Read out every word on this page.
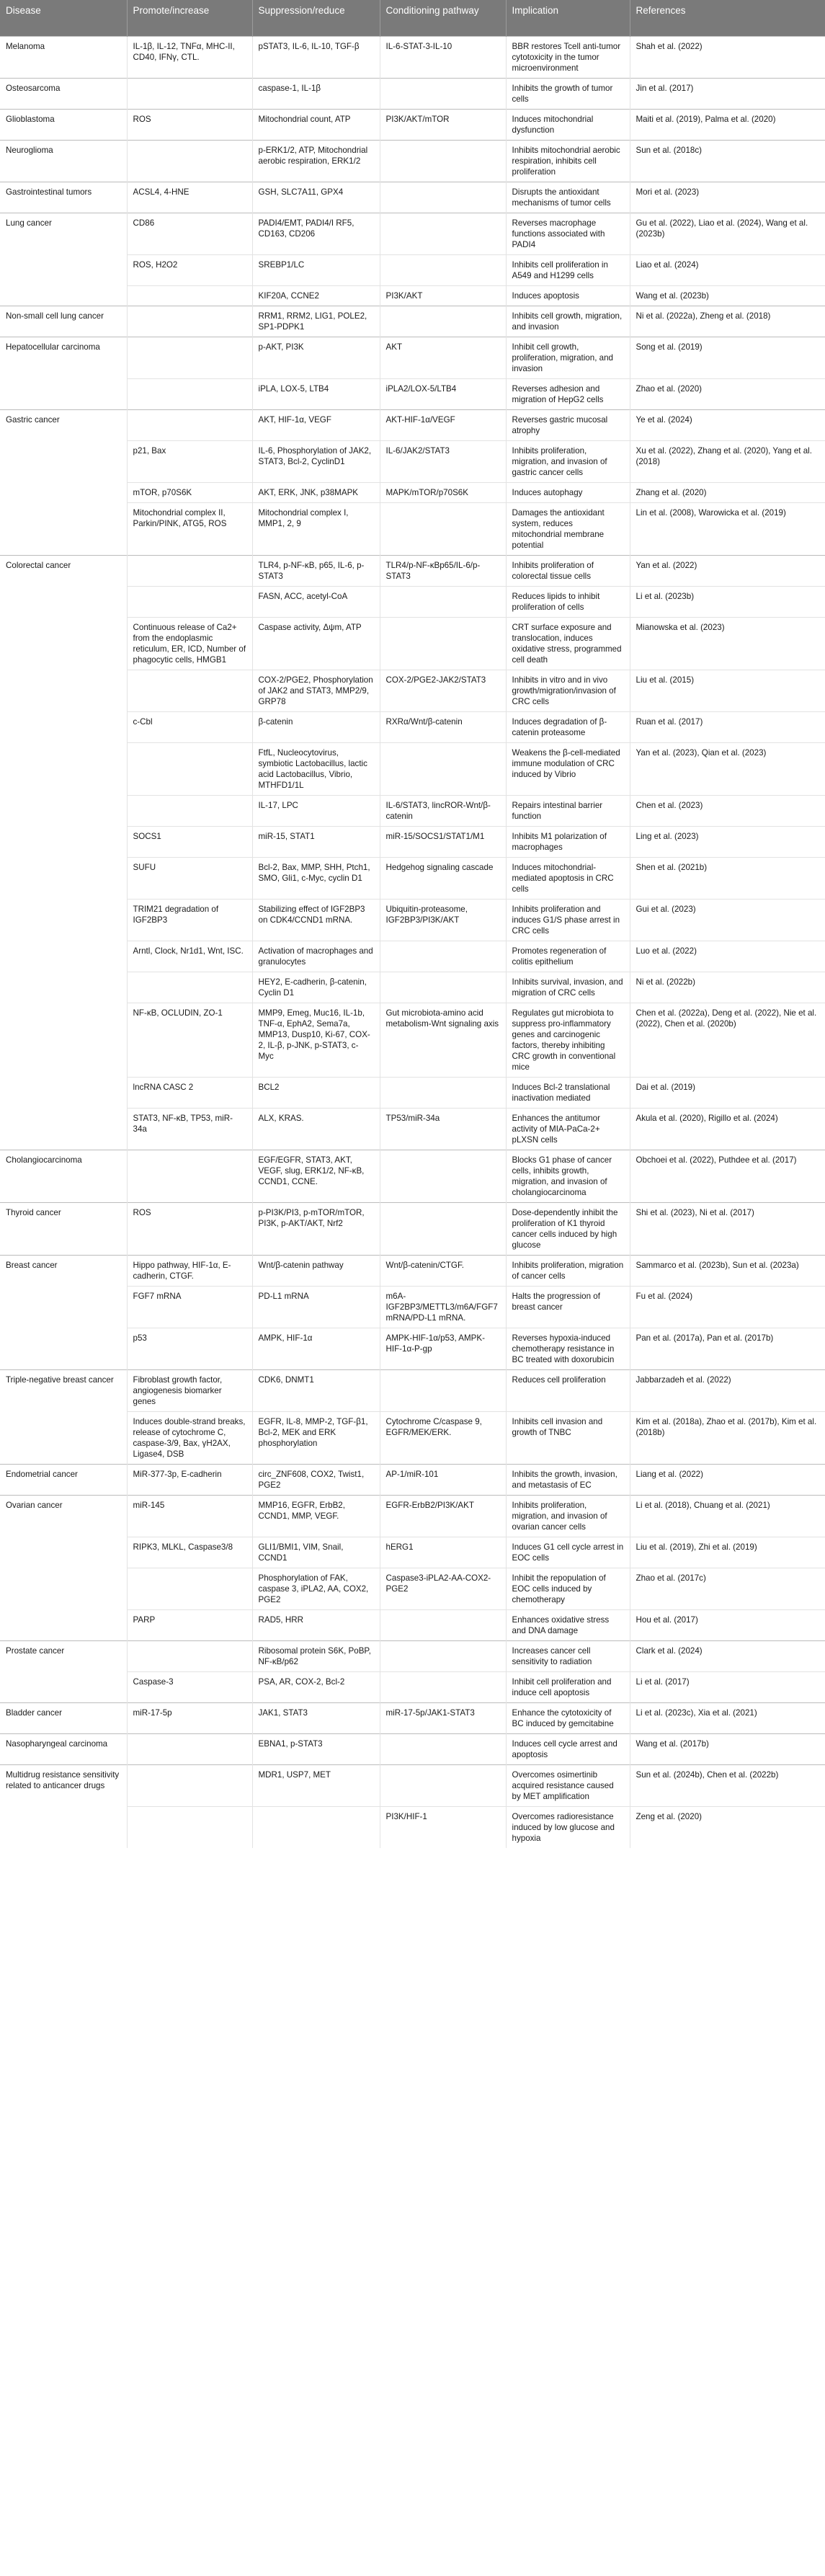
Disease	Promote/increase	Suppression/reduce	Conditioning pathway	Implication	References
Melanoma	IL-1β, IL-12, TNFα, MHC-II, CD40, IFNγ, CTL.	pSTAT3, IL-6, IL-10, TGF-β	IL-6-STAT-3-IL-10	BBR restores Tcell anti-tumor cytotoxicity in the tumor microenvironment	Shah et al. (2022)
Osteosarcoma		caspase-1, IL-1β		Inhibits the growth of tumor cells	Jin et al. (2017)
Glioblastoma	ROS	Mitochondrial count, ATP	PI3K/AKT/mTOR	Induces mitochondrial dysfunction	Maiti et al. (2019), Palma et al. (2020)
Neuroglioma		p-ERK1/2, ATP, Mitochondrial aerobic respiration, ERK1/2		Inhibits mitochondrial aerobic respiration, inhibits cell proliferation	Sun et al. (2018c)
Gastrointestinal tumors	ACSL4, 4-HNE	GSH, SLC7A11, GPX4		Disrupts the antioxidant mechanisms of tumor cells	Mori et al. (2023)
Lung cancer	CD86	PADI4/EMT, PADI4/I RF5, CD163, CD206		Reverses macrophage functions associated with PADI4	Gu et al. (2022), Liao et al. (2024), Wang et al. (2023b)
	ROS, H2O2	SREBP1/LC		Inhibits cell proliferation in A549 and H1299 cells	Liao et al. (2024)
		KIF20A, CCNE2	PI3K/AKT	Induces apoptosis	Wang et al. (2023b)
Non-small cell lung cancer		RRM1, RRM2, LIG1, POLE2, SP1-PDPK1		Inhibits cell growth, migration, and invasion	Ni et al. (2022a), Zheng et al. (2018)
Hepatocellular carcinoma		p-AKT, PI3K	AKT	Inhibit cell growth, proliferation, migration, and invasion	Song et al. (2019)
		iPLA, LOX-5, LTB4	iPLA2/LOX-5/LTB4	Reverses adhesion and migration of HepG2 cells	Zhao et al. (2020)
Gastric cancer		AKT, HIF-1α, VEGF	AKT-HIF-1α/VEGF	Reverses gastric mucosal atrophy	Ye et al. (2024)
	p21, Bax	IL-6, Phosphorylation of JAK2, STAT3, Bcl-2, CyclinD1	IL-6/JAK2/STAT3	Inhibits proliferation, migration, and invasion of gastric cancer cells	Xu et al. (2022), Zhang et al. (2020), Yang et al. (2018)
	mTOR, p70S6K	AKT, ERK, JNK, p38MAPK	MAPK/mTOR/p70S6K	Induces autophagy	Zhang et al. (2020)
	Mitochondrial complex II, Parkin/PINK, ATG5, ROS	Mitochondrial complex I, MMP1, 2, 9		Damages the antioxidant system, reduces mitochondrial membrane potential	Lin et al. (2008), Warowicka et al. (2019)
Colorectal cancer		TLR4, p-NF-κB, p65, IL-6, p-STAT3	TLR4/p-NF-κBp65/IL-6/p-STAT3	Inhibits proliferation of colorectal tissue cells	Yan et al. (2022)
		FASN, ACC, acetyl-CoA		Reduces lipids to inhibit proliferation of cells	Li et al. (2023b)
	Continuous release of Ca2+ from the endoplasmic reticulum, ER, ICD, Number of phagocytic cells, HMGB1	Caspase activity, Δψm, ATP		CRT surface exposure and translocation, induces oxidative stress, programmed cell death	Mianowska et al. (2023)
		COX-2/PGE2, Phosphorylation of JAK2 and STAT3, MMP2/9, GRP78	COX-2/PGE2-JAK2/STAT3	Inhibits in vitro and in vivo growth/migration/invasion of CRC cells	Liu et al. (2015)
	c-Cbl	β-catenin	RXRα/Wnt/β-catenin	Induces degradation of β-catenin proteasome	Ruan et al. (2017)
		FtfL, Nucleocytovirus, symbiotic Lactobacillus, lactic acid Lactobacillus, Vibrio, MTHFD1/1L		Weakens the β-cell-mediated immune modulation of CRC induced by Vibrio	Yan et al. (2023), Qian et al. (2023)
		IL-17, LPC	IL-6/STAT3, lincROR-Wnt/β-catenin	Repairs intestinal barrier function	Chen et al. (2023)
	SOCS1	miR-15, STAT1	miR-15/SOCS1/STAT1/M1	Inhibits M1 polarization of macrophages	Ling et al. (2023)
	SUFU	Bcl-2, Bax, MMP, SHH, Ptch1, SMO, Gli1, c-Myc, cyclin D1	Hedgehog signaling cascade	Induces mitochondrial-mediated apoptosis in CRC cells	Shen et al. (2021b)
	TRIM21 degradation of IGF2BP3	Stabilizing effect of IGF2BP3 on CDK4/CCND1 mRNA.	Ubiquitin-proteasome, IGF2BP3/PI3K/AKT	Inhibits proliferation and induces G1/S phase arrest in CRC cells	Gui et al. (2023)
	Arntl, Clock, Nr1d1, Wnt, ISC.	Activation of macrophages and granulocytes		Promotes regeneration of colitis epithelium	Luo et al. (2022)
		HEY2, E-cadherin, β-catenin, Cyclin D1		Inhibits survival, invasion, and migration of CRC cells	Ni et al. (2022b)
	NF-κB, OCLUDIN, ZO-1	MMP9, Emeg, Muc16, IL-1b, TNF-α, EphA2, Sema7a, MMP13, Dusp10, Ki-67, COX-2, IL-β, p-JNK, p-STAT3, c-Myc	Gut microbiota-amino acid metabolism-Wnt signaling axis	Regulates gut microbiota to suppress pro-inflammatory genes and carcinogenic factors, thereby inhibiting CRC growth in conventional mice	Chen et al. (2022a), Deng et al. (2022), Nie et al. (2022), Chen et al. (2020b)
	lncRNA CASC 2	BCL2		Induces Bcl-2 translational inactivation mediated	Dai et al. (2019)
	STAT3, NF-κB, TP53, miR-34a	ALX, KRAS.	TP53/miR-34a	Enhances the antitumor activity of MIA-PaCa-2+ pLXSN cells	Akula et al. (2020), Rigillo et al. (2024)
Cholangiocarcinoma		EGF/EGFR, STAT3, AKT, VEGF, slug, ERK1/2, NF-κB, CCND1, CCNE.		Blocks G1 phase of cancer cells, inhibits growth, migration, and invasion of cholangiocarcinoma	Obchoei et al. (2022), Puthdee et al. (2017)
Thyroid cancer	ROS	p-PI3K/PI3, p-mTOR/mTOR, PI3K, p-AKT/AKT, Nrf2		Dose-dependently inhibit the proliferation of K1 thyroid cancer cells induced by high glucose	Shi et al. (2023), Ni et al. (2017)
Breast cancer	Hippo pathway, HIF-1α, E-cadherin, CTGF.	Wnt/β-catenin pathway	Wnt/β-catenin/CTGF.	Inhibits proliferation, migration of cancer cells	Sammarco et al. (2023b), Sun et al. (2023a)
	FGF7 mRNA	PD-L1 mRNA	m6A-IGF2BP3/METTL3/m6A/FGF7 mRNA/PD-L1 mRNA.	Halts the progression of breast cancer	Fu et al. (2024)
	p53	AMPK, HIF-1α	AMPK-HIF-1α/p53, AMPK-HIF-1α-P-gp	Reverses hypoxia-induced chemotherapy resistance in BC treated with doxorubicin	Pan et al. (2017a), Pan et al. (2017b)
Triple-negative breast cancer	Fibroblast growth factor, angiogenesis biomarker genes	CDK6, DNMT1		Reduces cell proliferation	Jabbarzadeh et al. (2022)
	Induces double-strand breaks, release of cytochrome C, caspase-3/9, Bax, γH2AX, Ligase4, DSB	EGFR, IL-8, MMP-2, TGF-β1, Bcl-2, MEK and ERK phosphorylation	Cytochrome C/caspase 9, EGFR/MEK/ERK.	Inhibits cell invasion and growth of TNBC	Kim et al. (2018a), Zhao et al. (2017b), Kim et al. (2018b)
Endometrial cancer	MiR-377-3p, E-cadherin	circ_ZNF608, COX2, Twist1, PGE2	AP-1/miR-101	Inhibits the growth, invasion, and metastasis of EC	Liang et al. (2022)
Ovarian cancer	miR-145	MMP16, EGFR, ErbB2, CCND1, MMP, VEGF.	EGFR-ErbB2/PI3K/AKT	Inhibits proliferation, migration, and invasion of ovarian cancer cells	Li et al. (2018), Chuang et al. (2021)
	RIPK3, MLKL, Caspase3/8	GLI1/BMI1, VIM, Snail, CCND1	hERG1	Induces G1 cell cycle arrest in EOC cells	Liu et al. (2019), Zhi et al. (2019)
		Phosphorylation of FAK, caspase 3, iPLA2, AA, COX2, PGE2	Caspase3-iPLA2-AA-COX2-PGE2	Inhibit the repopulation of EOC cells induced by chemotherapy	Zhao et al. (2017c)
	PARP	RAD5, HRR		Enhances oxidative stress and DNA damage	Hou et al. (2017)
Prostate cancer		Ribosomal protein S6K, PoBP, NF-κB/p62		Increases cancer cell sensitivity to radiation	Clark et al. (2024)
	Caspase-3	PSA, AR, COX-2, Bcl-2		Inhibit cell proliferation and induce cell apoptosis	Li et al. (2017)
Bladder cancer	miR-17-5p	JAK1, STAT3	miR-17-5p/JAK1-STAT3	Enhance the cytotoxicity of BC induced by gemcitabine	Li et al. (2023c), Xia et al. (2021)
Nasopharyngeal carcinoma		EBNA1, p-STAT3		Induces cell cycle arrest and apoptosis	Wang et al. (2017b)
Multidrug resistance sensitivity related to anticancer drugs		MDR1, USP7, MET		Overcomes osimertinib acquired resistance caused by MET amplification	Sun et al. (2024b), Chen et al. (2022b)
			PI3K/HIF-1	Overcomes radioresistance induced by low glucose and hypoxia	Zeng et al. (2020)
